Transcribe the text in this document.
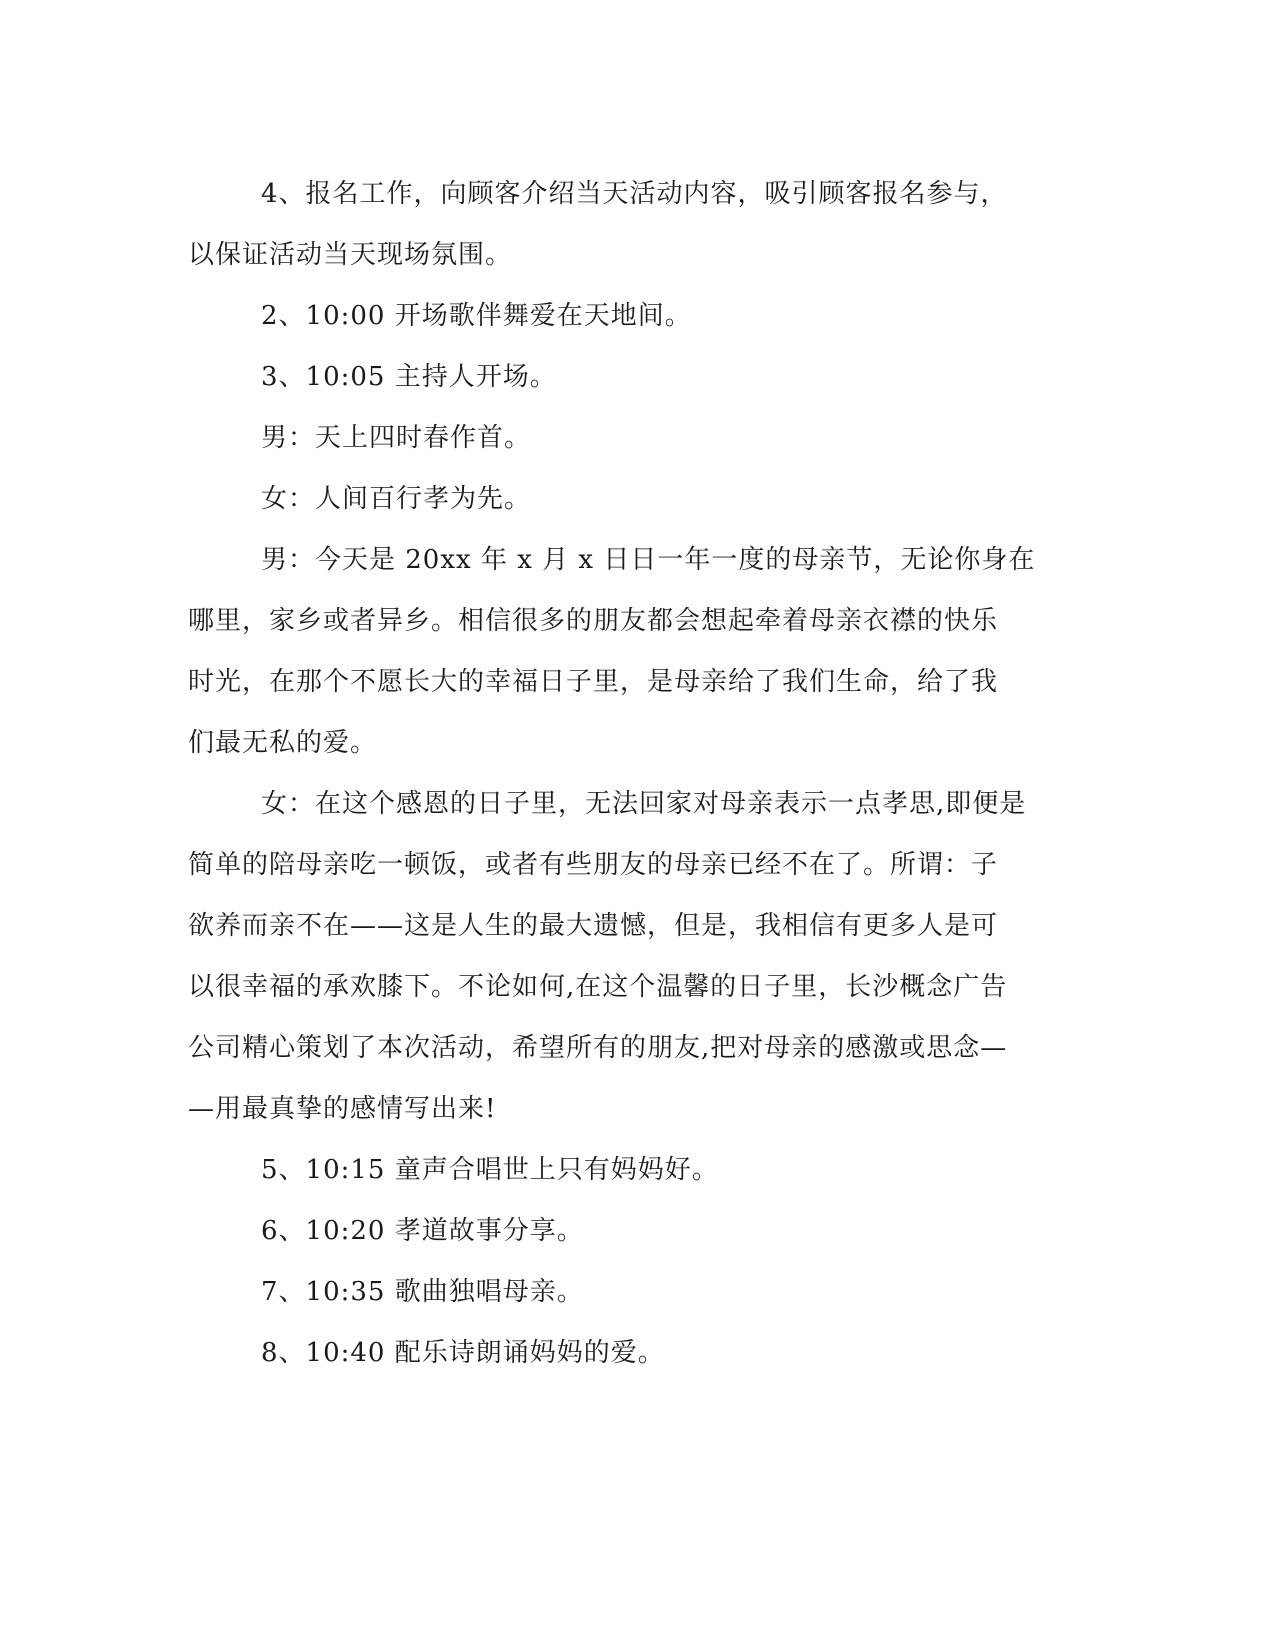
4、报名工作，向顾客介绍当天活动内容，吸引顾客报名参与，
以保证活动当天现场氛围。

2、10:00 开场歌伴舞爱在天地间。

3、10:05 主持人开场。

男：天上四时春作首。

女：人间百行孝为先。

男：今天是 20xx 年 x 月 x 日日一年一度的母亲节，无论你身在
哪里，家乡或者异乡。相信很多的朋友都会想起牵着母亲衣襟的快乐
时光，在那个不愿长大的幸福日子里，是母亲给了我们生命，给了我
们最无私的爱。

女：在这个感恩的日子里，无法回家对母亲表示一点孝思,即便是
简单的陪母亲吃一顿饭，或者有些朋友的母亲已经不在了。所谓：子
欲养而亲不在——这是人生的最大遗憾，但是，我相信有更多人是可
以很幸福的承欢膝下。不论如何,在这个温馨的日子里，长沙概念广告
公司精心策划了本次活动，希望所有的朋友,把对母亲的感激或思念—
—用最真挚的感情写出来!

5、10:15 童声合唱世上只有妈妈好。

6、10:20 孝道故事分享。

7、10:35 歌曲独唱母亲。

8、10:40 配乐诗朗诵妈妈的爱。
